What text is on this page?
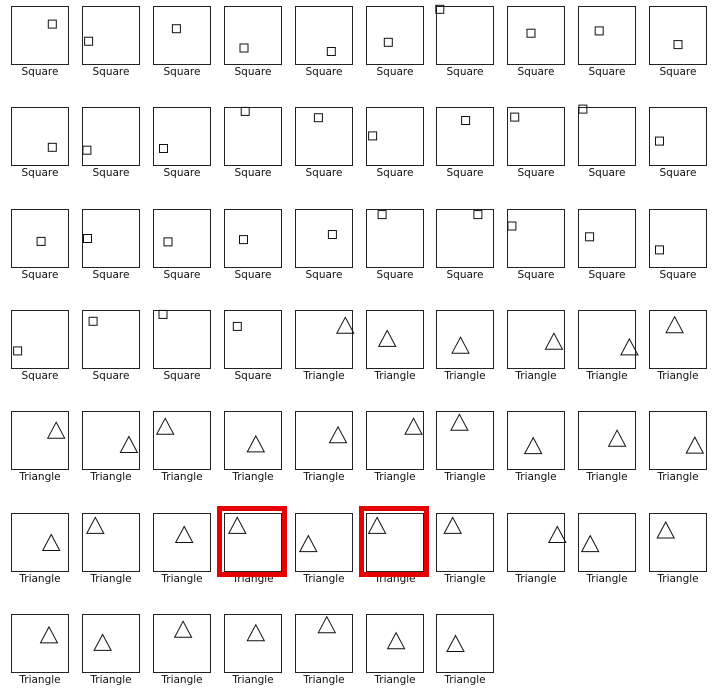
Square	Square	Square	Square	Square	Square	Square	Square	Square	Square
Square	Square	Square	Square	Square	Square	Square	Square	Square	Square
Square	Square	Square	Square	Square	Square	Square	Square	Square	Square
Square	Square	Square	Square	Triangle	Triangle	Triangle	Triangle	Triangle	Triangle
Triangle	Triangle	Triangle	Triangle	Triangle	Triangle	Triangle	Triangle	Triangle	Triangle
Triangle	Triangle	Triangle	Triangle	Triangle	Triangle	Triangle	Triangle	Triangle	Triangle
Triangle	Triangle	Triangle	Triangle	Triangle	Triangle	Triangle
